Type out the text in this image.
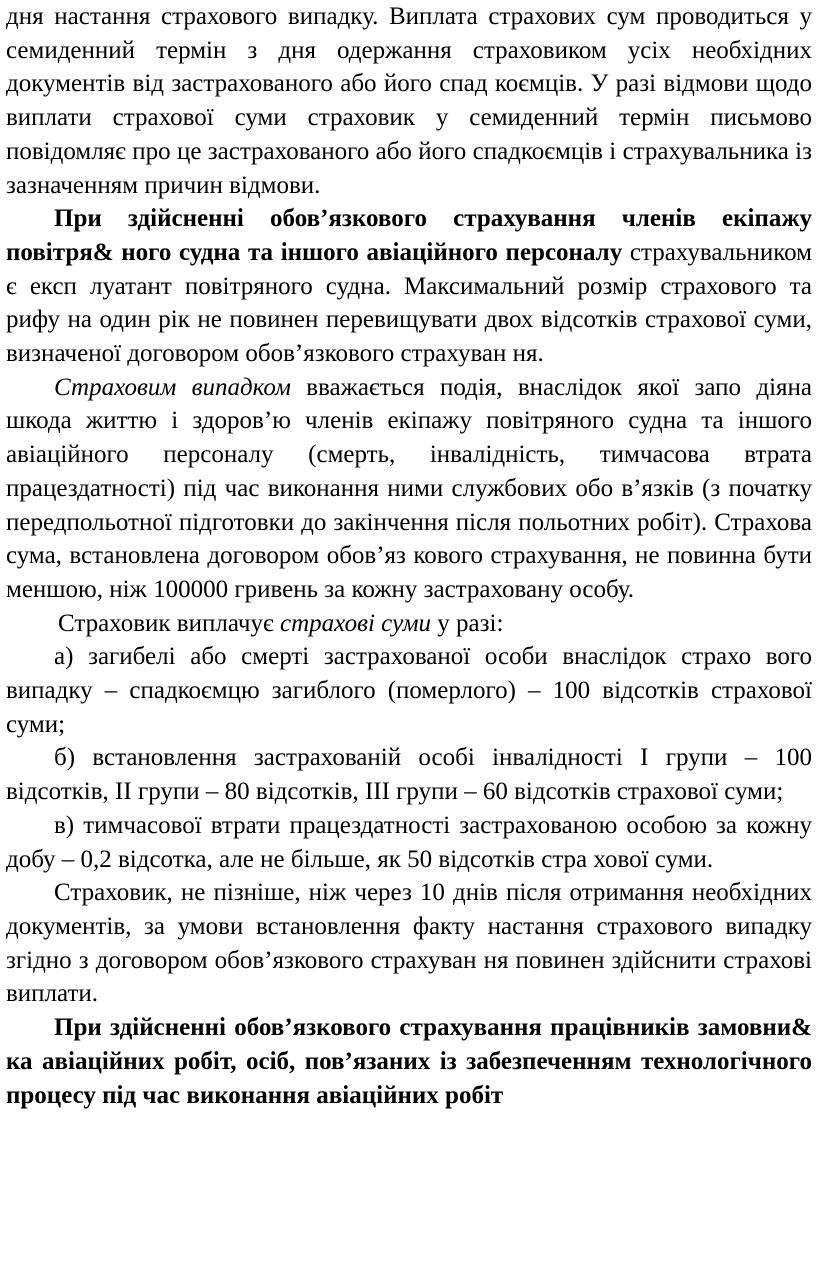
дня настання страхового випадку. Виплата страхових сум проводиться у семиденний термін з дня одержання страховиком усіх необхідних документів від застрахованого або його спад коємців. У разі відмови щодо виплати страхової суми страховик у семиденний термін письмово повідомляє про це застрахованого або його спадкоємців і страхувальника із зазначенням причин відмови.

При здійсненні обов’язкового страхування членів екіпажу повітря& ного судна та іншого авіаційного персоналу страхувальником є експ луатант повітряного судна. Максимальний розмір страхового та рифу на один рік не повинен перевищувати двох відсотків страхової суми, визначеної договором обов’язкового страхуван ня.

Страховим випадком вважається подія, внаслідок якої запо діяна шкода життю і здоров’ю членів екіпажу повітряного судна та іншого авіаційного персоналу (смерть, інвалідність, тимчасова втрата працездатності) під час виконання ними службових обо в’язків (з початку передпольотної підготовки до закінчення після польотних робіт). Страхова сума, встановлена договором обов’яз кового страхування, не повинна бути меншою, ніж 100000 гривень за кожну застраховану особу.

Страховик виплачує страхові суми у разі:

а) загибелі або смерті застрахованої особи внаслідок страхо вого випадку – спадкоємцю загиблого (померлого) – 100 відсотків страхової суми;

б) встановлення застрахованій особі інвалідності I групи – 100 відсотків, II групи – 80 відсотків, III групи – 60 відсотків страхової суми;

в) тимчасової втрати працездатності застрахованою особою за кожну добу – 0,2 відсотка, але не більше, як 50 відсотків стра хової суми.

Страховик, не пізніше, ніж через 10 днів після отримання необхідних документів, за умови встановлення факту настання страхового випадку згідно з договором обов’язкового страхуван ня повинен здійснити страхові виплати.

При здійсненні обов’язкового страхування працівників замовни& ка авіаційних робіт, осіб, пов’язаних із забезпеченням технологічного процесу під час виконання авіаційних робіт
